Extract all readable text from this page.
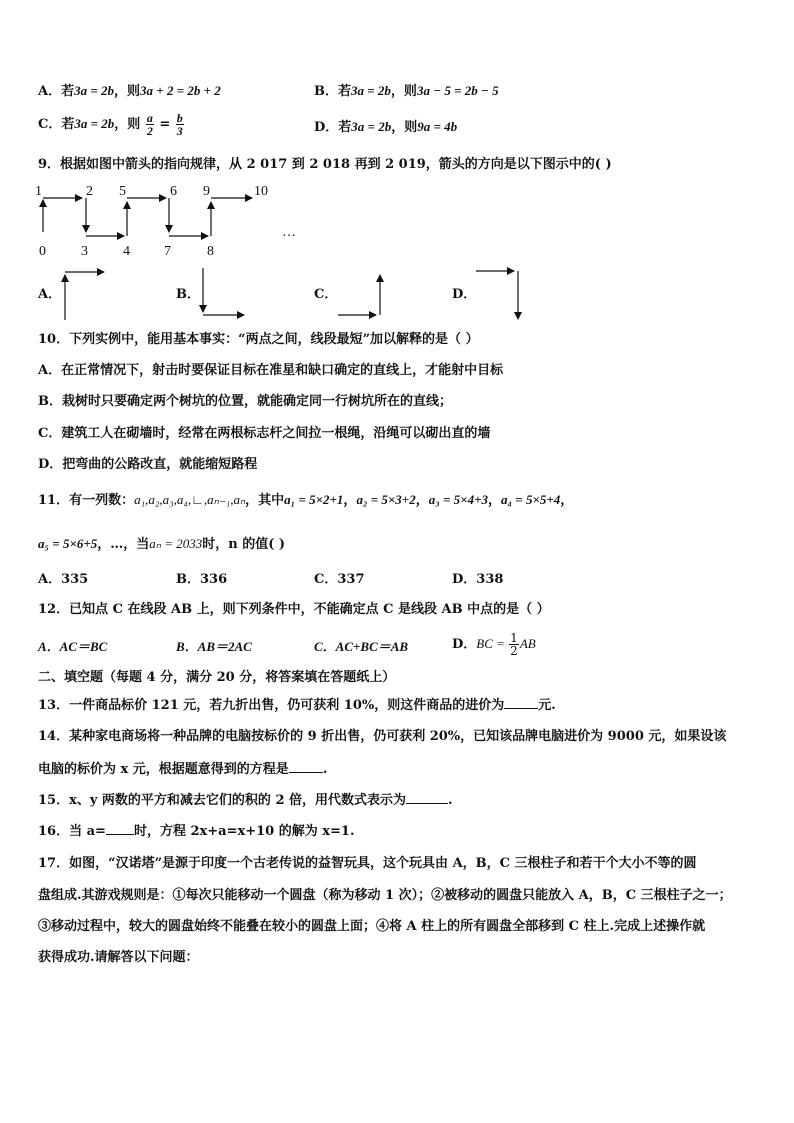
A．若3a = 2b，则3a + 2 = 2b + 2	B．若3a = 2b，则3a − 5 = 2b − 5
C．若3a = 2b，则 $\frac{a}{2} = \frac{b}{3}$	D．若3a = 2b，则9a = 4b
9．根据如图中箭头的指向规律，从 2 017 到 2 018 再到 2 019，箭头的方向是以下图示中的( )
1	2 5	6 9	10
0	3	4 7	8
…
A．	B．	C．	D．
10．下列实例中，能用基本事实：“两点之间，线段最短”加以解释的是（ ）
A．在正常情况下，射击时要保证目标在准星和缺口确定的直线上，才能射中目标
B．栽树时只要确定两个树坑的位置，就能确定同一行树坑所在的直线；
C．建筑工人在砌墙时，经常在两根标志杆之间拉一根绳，沿绳可以砌出直的墙
D．把弯曲的公路改直，就能缩短路程
11．有一列数：a₁,a₂,a₃,a₄,∟,aₙ₋₁,aₙ，其中a₁ = 5×2+1，a₂ = 5×3+2，a₃ = 5×4+3，a₄ = 5×5+4，
a₅ = 5×6+5，…，当aₙ = 2033时，n 的值( )
A．335	B．336	C．337	D．338
12．已知点 C 在线段 AB 上，则下列条件中，不能确定点 C 是线段 AB 中点的是（ ）
A．AC＝BC	B．AB＝2AC	C．AC+BC＝AB	D．BC = $\frac{1}{2}$ AB
二、填空题（每题 4 分，满分 20 分，将答案填在答题纸上）
13．一件商品标价 121 元，若九折出售，仍可获利 10%，则这件商品的进价为	元.
14．某种家电商场将一种品牌的电脑按标价的 9 折出售，仍可获利 20%，已知该品牌电脑进价为 9000 元，如果设该
电脑的标价为 x 元，根据题意得到的方程是	.
15．x、y 两数的平方和减去它们的积的 2 倍，用代数式表示为	.
16．当 a= 时，方程 2x+a=x+10 的解为 x=1.
17．如图，“汉诺塔”是源于印度一个古老传说的益智玩具，这个玩具由 A，B，C 三根柱子和若干个大小不等的圆
盘组成.其游戏规则是：①每次只能移动一个圆盘（称为移动 1 次）；②被移动的圆盘只能放入 A，B，C 三根柱子之一；
③移动过程中，较大的圆盘始终不能叠在较小的圆盘上面；④将 A 柱上的所有圆盘全部移到 C 柱上.完成上述操作就
获得成功.请解答以下问题：
